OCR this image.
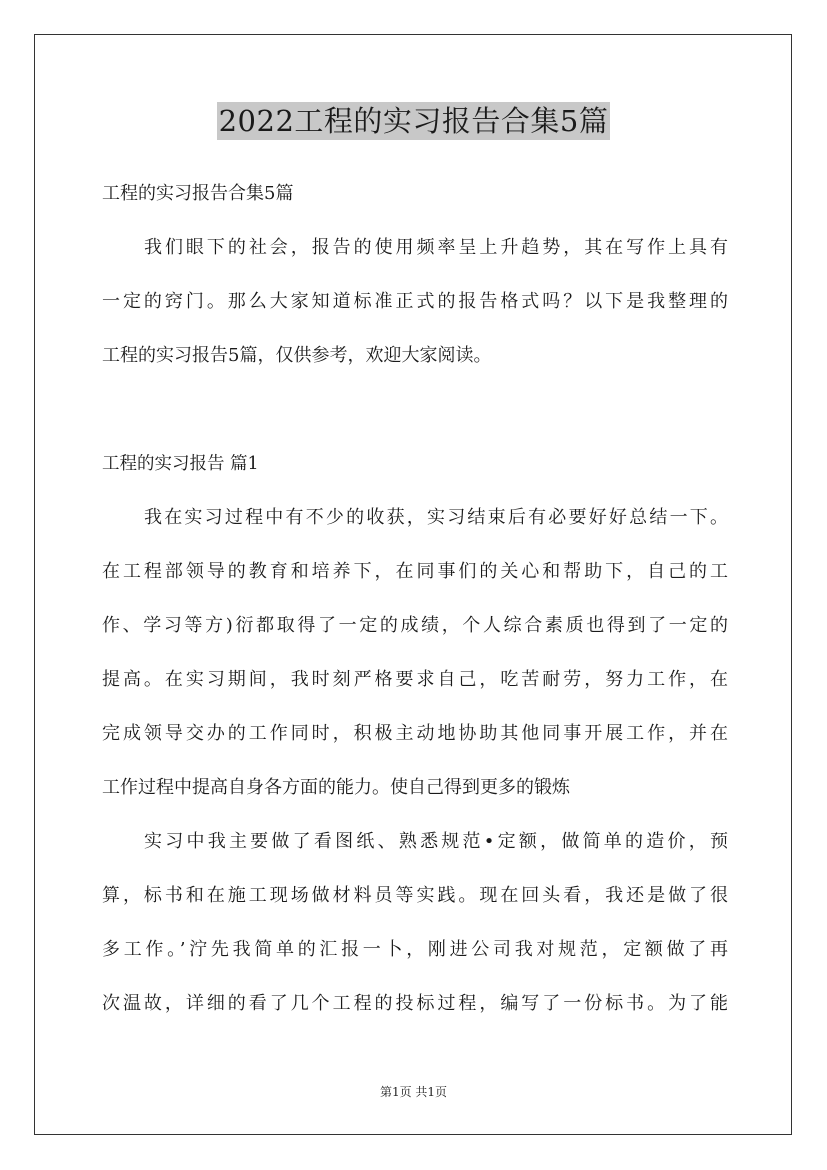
2022工程的实习报告合集5篇
工程的实习报告合集5篇
我们眼下的社会，报告的使用频率呈上升趋势，其在写作上具有
一定的窍门。那么大家知道标准正式的报告格式吗？以下是我整理的
工程的实习报告5篇，仅供参考，欢迎大家阅读。
工程的实习报告 篇1
我在实习过程中有不少的收获，实习结束后有必要好好总结一下。
在工程部领导的教育和培养下，在同事们的关心和帮助下，自己的工
作、学习等方)衍都取得了一定的成绩，个人综合素质也得到了一定的
提高。在实习期间，我时刻严格要求自己，吃苦耐劳，努力工作，在
完成领导交办的工作同时，积极主动地协助其他同事开展工作，并在
工作过程中提高自身各方面的能力。使自己得到更多的锻炼
实习中我主要做了看图纸、熟悉规范•定额，做简单的造价，预
算，标书和在施工现场做材料员等实践。现在回头看，我还是做了很
多工作。’泞先我简单的汇报一卜，刚进公司我对规范，定额做了再
次温故，详细的看了几个工程的投标过程，编写了一份标书。为了能
第1页 共1页
